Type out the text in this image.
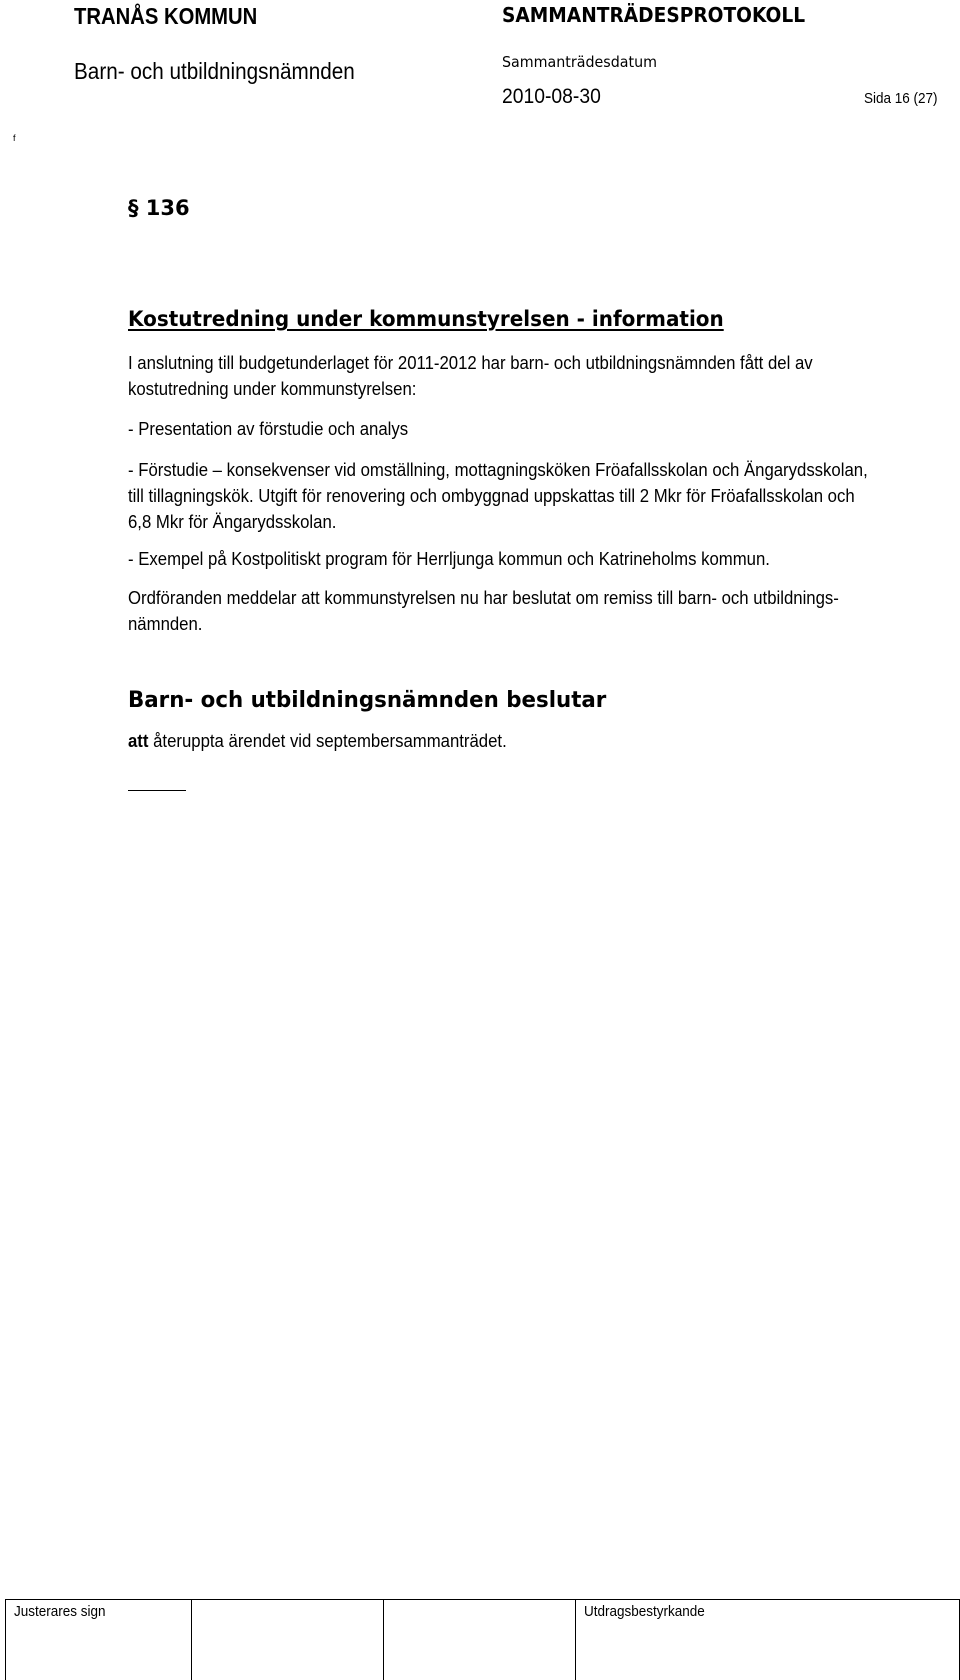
TRANÅS KOMMUN
Barn- och utbildningsnämnden
SAMMANTRÄDESPROTOKOLL
Sammanträdesdatum
2010-08-30	Sida 16 (27)
f
§ 136
Kostutredning under kommunstyrelsen - information

I anslutning till budgetunderlaget för 2011-2012 har barn- och utbildningsnämnden fått del av

kostutredning under kommunstyrelsen:

- Presentation av förstudie och analys

- Förstudie – konsekvenser vid omställning, mottagningsköken Fröafallsskolan och Ängarydsskolan,

till tillagningskök. Utgift för renovering och ombyggnad uppskattas till 2 Mkr för Fröafallsskolan och

6,8 Mkr för Ängarydsskolan.

- Exempel på Kostpolitiskt program för Herrljunga kommun och Katrineholms kommun.

Ordföranden meddelar att kommunstyrelsen nu har beslutat om remiss till barn- och utbildnings-

nämnden.

Barn- och utbildningsnämnden beslutar
att återuppta ärendet vid septembersammanträdet.
Justerares sign	Utdragsbestyrkande
